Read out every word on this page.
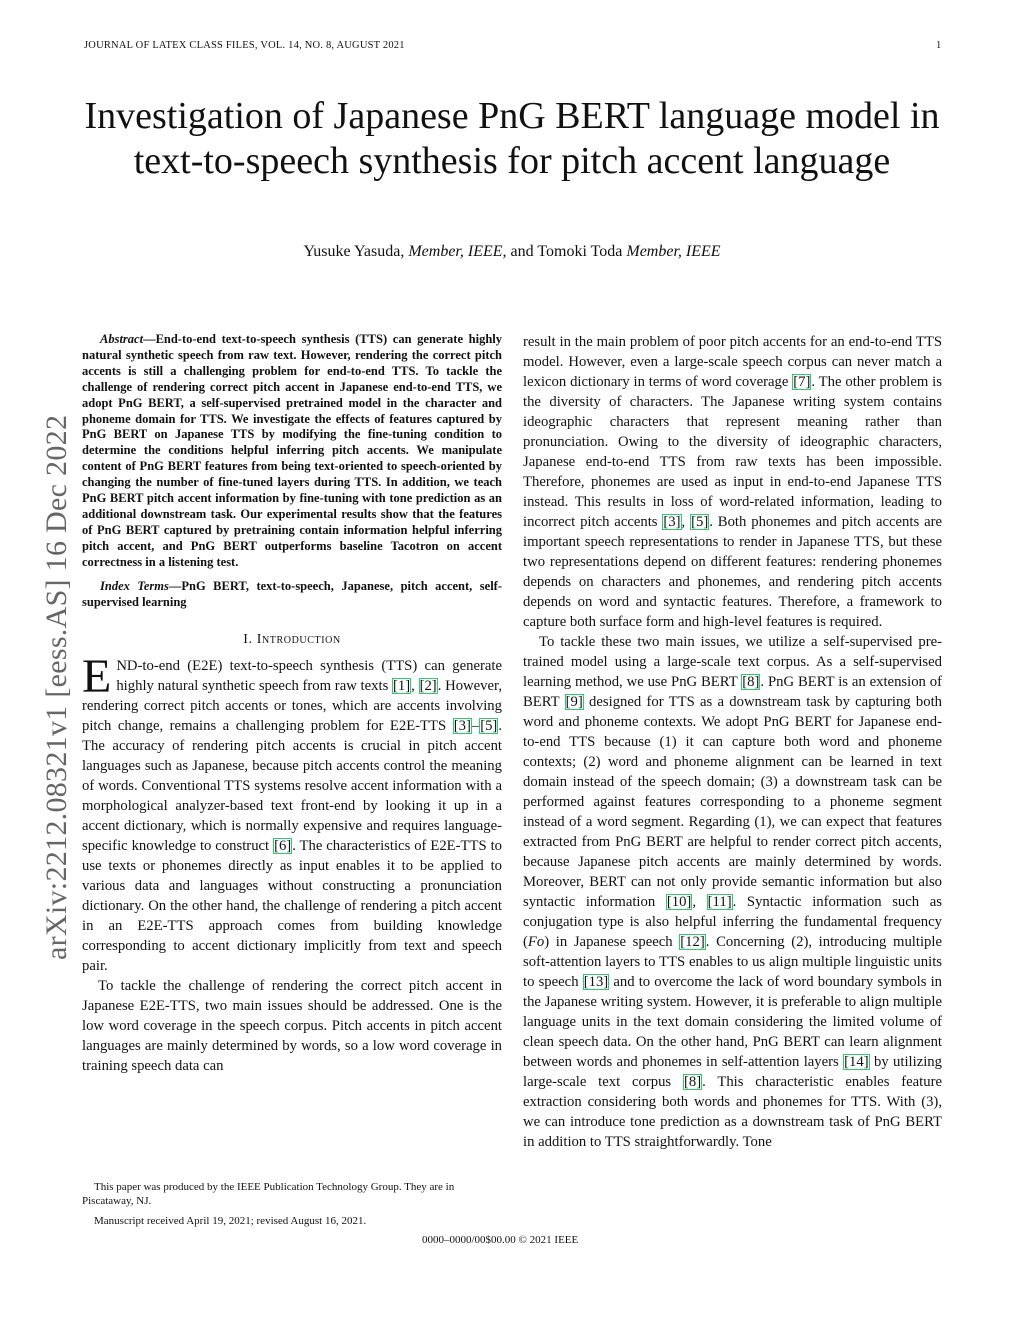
JOURNAL OF LATEX CLASS FILES, VOL. 14, NO. 8, AUGUST 2021	1
Investigation of Japanese PnG BERT language model in text-to-speech synthesis for pitch accent language
Yusuke Yasuda, Member, IEEE, and Tomoki Toda Member, IEEE
arXiv:2212.08321v1 [eess.AS] 16 Dec 2022

Abstract—End-to-end text-to-speech synthesis (TTS) can generate highly natural synthetic speech from raw text. However, rendering the correct pitch accents is still a challenging problem for end-to-end TTS. To tackle the challenge of rendering correct pitch accent in Japanese end-to-end TTS, we adopt PnG BERT, a self-supervised pretrained model in the character and phoneme domain for TTS. We investigate the effects of features captured by PnG BERT on Japanese TTS by modifying the fine-tuning condition to determine the conditions helpful inferring pitch accents. We manipulate content of PnG BERT features from being text-oriented to speech-oriented by changing the number of fine-tuned layers during TTS. In addition, we teach PnG BERT pitch accent information by fine-tuning with tone prediction as an additional downstream task. Our experimental results show that the features of PnG BERT captured by pretraining contain information helpful inferring pitch accent, and PnG BERT outperforms baseline Tacotron on accent correctness in a listening test.

Index Terms—PnG BERT, text-to-speech, Japanese, pitch accent, self-supervised learning

I. Introduction

END-to-end (E2E) text-to-speech synthesis (TTS) can generate highly natural synthetic speech from raw texts [1], [2]. However, rendering correct pitch accents or tones, which are accents involving pitch change, remains a challenging problem for E2E-TTS [3]–[5]. The accuracy of rendering pitch accents is crucial in pitch accent languages such as Japanese, because pitch accents control the meaning of words. Conventional TTS systems resolve accent information with a morphological analyzer-based text front-end by looking it up in a accent dictionary, which is normally expensive and requires language-specific knowledge to construct [6]. The characteristics of E2E-TTS to use texts or phonemes directly as input enables it to be applied to various data and languages without constructing a pronunciation dictionary. On the other hand, the challenge of rendering a pitch accent in an E2E-TTS approach comes from building knowledge corresponding to accent dictionary implicitly from text and speech pair.

To tackle the challenge of rendering the correct pitch accent in Japanese E2E-TTS, two main issues should be addressed. One is the low word coverage in the speech corpus. Pitch accents in pitch accent languages are mainly determined by words, so a low word coverage in training speech data can

result in the main problem of poor pitch accents for an end-to-end TTS model. However, even a large-scale speech corpus can never match a lexicon dictionary in terms of word coverage [7]. The other problem is the diversity of characters. The Japanese writing system contains ideographic characters that represent meaning rather than pronunciation. Owing to the diversity of ideographic characters, Japanese end-to-end TTS from raw texts has been impossible. Therefore, phonemes are used as input in end-to-end Japanese TTS instead. This results in loss of word-related information, leading to incorrect pitch accents [3], [5]. Both phonemes and pitch accents are important speech representations to render in Japanese TTS, but these two representations depend on different features: rendering phonemes depends on characters and phonemes, and rendering pitch accents depends on word and syntactic features. Therefore, a framework to capture both surface form and high-level features is required.

To tackle these two main issues, we utilize a self-supervised pre-trained model using a large-scale text corpus. As a self-supervised learning method, we use PnG BERT [8]. PnG BERT is an extension of BERT [9] designed for TTS as a downstream task by capturing both word and phoneme contexts. We adopt PnG BERT for Japanese end-to-end TTS because (1) it can capture both word and phoneme contexts; (2) word and phoneme alignment can be learned in text domain instead of the speech domain; (3) a downstream task can be performed against features corresponding to a phoneme segment instead of a word segment. Regarding (1), we can expect that features extracted from PnG BERT are helpful to render correct pitch accents, because Japanese pitch accents are mainly determined by words. Moreover, BERT can not only provide semantic information but also syntactic information [10], [11]. Syntactic information such as conjugation type is also helpful inferring the fundamental frequency (Fo) in Japanese speech [12]. Concerning (2), introducing multiple soft-attention layers to TTS enables to us align multiple linguistic units to speech [13] and to overcome the lack of word boundary symbols in the Japanese writing system. However, it is preferable to align multiple language units in the text domain considering the limited volume of clean speech data. On the other hand, PnG BERT can learn alignment between words and phonemes in self-attention layers [14] by utilizing large-scale text corpus [8]. This characteristic enables feature extraction considering both words and phonemes for TTS. With (3), we can introduce tone prediction as a downstream task of PnG BERT in addition to TTS straightforwardly. Tone

This paper was produced by the IEEE Publication Technology Group. They are in Piscataway, NJ.

Manuscript received April 19, 2021; revised August 16, 2021.

0000–0000/00$00.00 © 2021 IEEE
